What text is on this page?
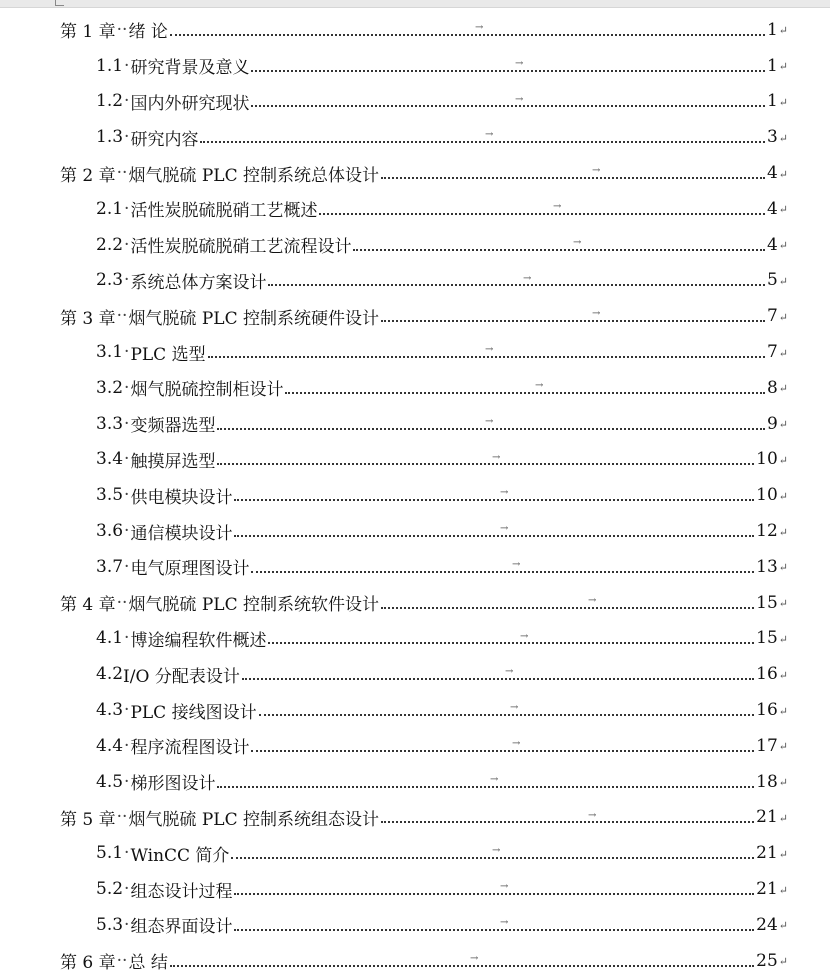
第 1 章 ·· 绪 论	1 ↵
→
1.1 · 研究背景及意义	1 ↵
→
1.2 · 国内外研究现状	1 ↵
→
1.3 · 研究内容	3 ↵
→
第 2 章 ·· 烟气脱硫 PLC 控制系统总体设计	4 ↵
→
2.1 · 活性炭脱硫脱硝工艺概述	4 ↵
→
2.2 · 活性炭脱硫脱硝工艺流程设计	4 ↵
→
2.3 · 系统总体方案设计	5 ↵
→
第 3 章 ·· 烟气脱硫 PLC 控制系统硬件设计	7 ↵
→
3.1 · PLC 选型	7 ↵
→
3.2 · 烟气脱硫控制柜设计	8 ↵
→
3.3 · 变频器选型	9 ↵
→
3.4 · 触摸屏选型	10 ↵
→
3.5 · 供电模块设计	10 ↵
→
3.6 · 通信模块设计	12 ↵
→
3.7 · 电气原理图设计	13 ↵
→
第 4 章 ·· 烟气脱硫 PLC 控制系统软件设计	15 ↵
→
4.1 · 博途编程软件概述	15 ↵
→
4.2 I/O 分配表设计	16 ↵
→
4.3 · PLC 接线图设计	16 ↵
→
4.4 · 程序流程图设计	17 ↵
→
4.5 · 梯形图设计	18 ↵
→
第 5 章 ·· 烟气脱硫 PLC 控制系统组态设计	21 ↵
→
5.1 · WinCC 简介	21 ↵
→
5.2 · 组态设计过程	21 ↵
→
5.3 · 组态界面设计	24 ↵
→
第 6 章 ·· 总 结	25 ↵
→
